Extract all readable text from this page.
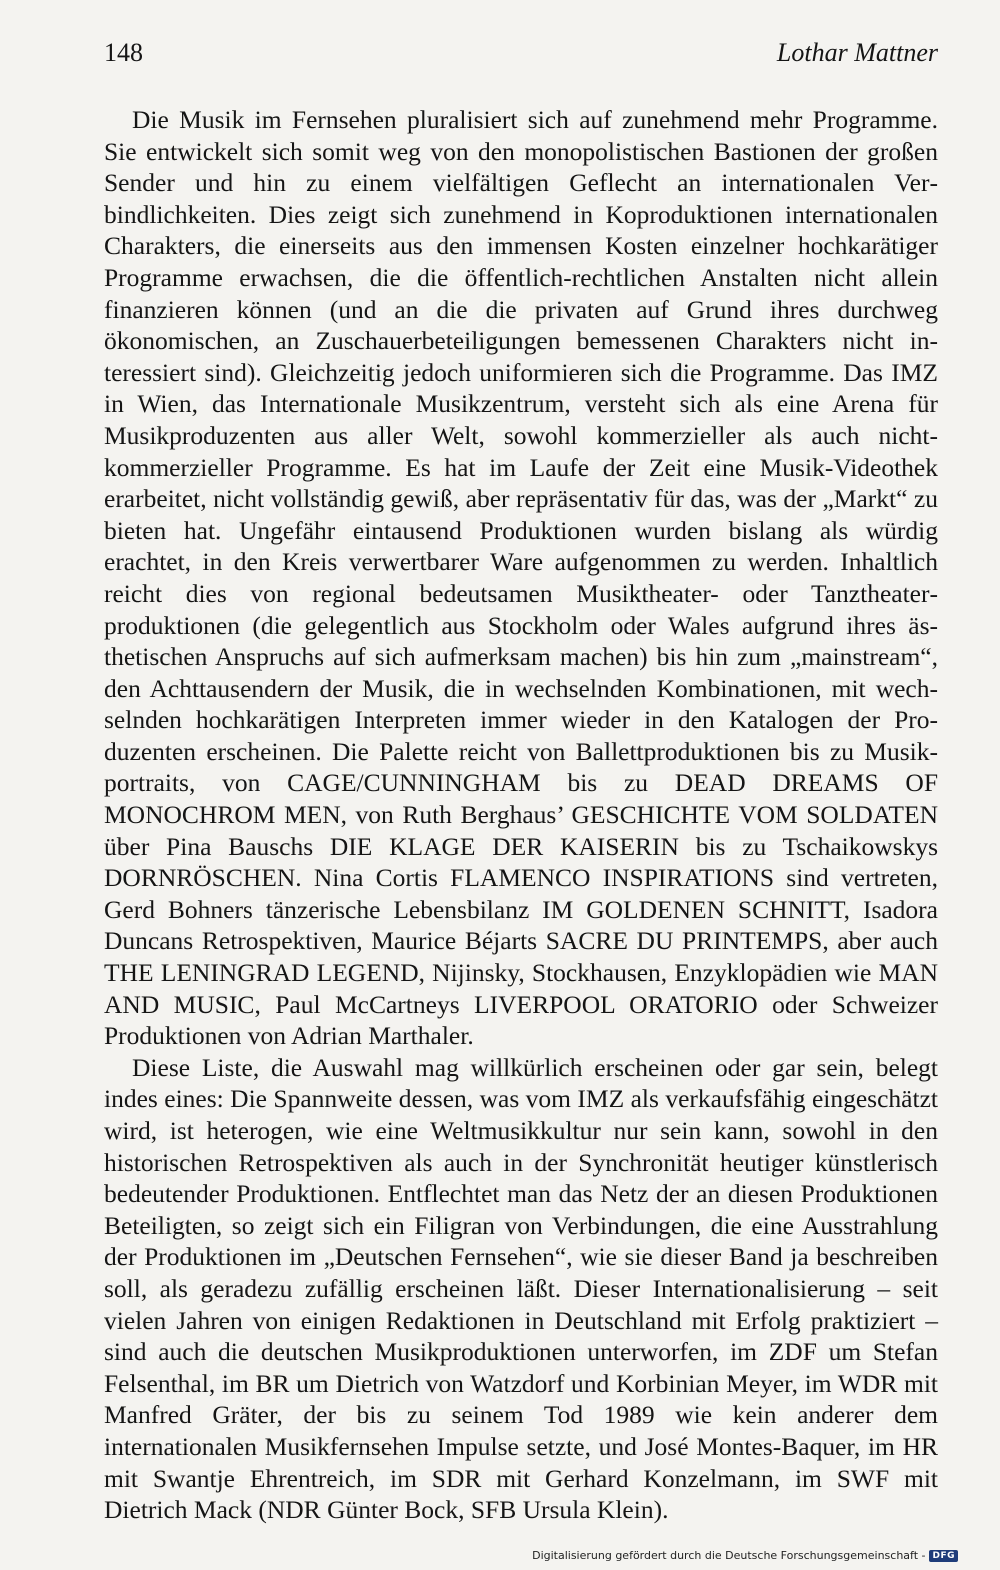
148	Lothar Mattner

Die Musik im Fernsehen pluralisiert sich auf zunehmend mehr Programme. Sie entwickelt sich somit weg von den monopolistischen Bastionen der großen Sender und hin zu einem vielfältigen Geflecht an internationalen Verbindlichkeiten. Dies zeigt sich zunehmend in Koproduktionen internationalen Charakters, die einerseits aus den immensen Kosten einzelner hochkarätiger Programme erwachsen, die die öffentlich-rechtlichen Anstalten nicht allein finanzieren können (und an die die privaten auf Grund ihres durchweg ökonomischen, an Zuschauerbeteiligungen bemessenen Charakters nicht interessiert sind). Gleichzeitig jedoch uniformieren sich die Programme. Das IMZ in Wien, das Internationale Musikzentrum, versteht sich als eine Arena für Musikproduzenten aus aller Welt, sowohl kommerzieller als auch nichtkommerzieller Programme. Es hat im Laufe der Zeit eine Musik-Videothek erarbeitet, nicht vollständig gewiß, aber repräsentativ für das, was der „Markt“ zu bieten hat. Ungefähr eintausend Produktionen wurden bislang als würdig erachtet, in den Kreis verwertbarer Ware aufgenommen zu werden. Inhaltlich reicht dies von regional bedeutsamen Musiktheater- oder Tanztheaterproduktionen (die gelegentlich aus Stockholm oder Wales aufgrund ihres ästhetischen Anspruchs auf sich aufmerksam machen) bis hin zum „mainstream“, den Achttausendern der Musik, die in wechselnden Kombinationen, mit wechselnden hochkarätigen Interpreten immer wieder in den Katalogen der Produzenten erscheinen. Die Palette reicht von Ballettproduktionen bis zu Musikportraits, von CAGE/CUNNINGHAM bis zu DEAD DREAMS OF MONOCHROM MEN, von Ruth Berghaus’ GESCHICHTE VOM SOLDATEN über Pina Bauschs DIE KLAGE DER KAISERIN bis zu Tschaikowskys DORNRÖSCHEN. Nina Cortis FLAMENCO INSPIRATIONS sind vertreten, Gerd Bohners tänzerische Lebensbilanz IM GOLDENEN SCHNITT, Isadora Duncans Retrospektiven, Maurice Béjarts SACRE DU PRINTEMPS, aber auch THE LENINGRAD LEGEND, Nijinsky, Stockhausen, Enzyklopädien wie MAN AND MUSIC, Paul McCartneys LIVERPOOL ORATORIO oder Schweizer Produktionen von Adrian Marthaler.

Diese Liste, die Auswahl mag willkürlich erscheinen oder gar sein, belegt indes eines: Die Spannweite dessen, was vom IMZ als verkaufsfähig eingeschätzt wird, ist heterogen, wie eine Weltmusikkultur nur sein kann, sowohl in den historischen Retrospektiven als auch in der Synchronität heutiger künstlerisch bedeutender Produktionen. Entflechtet man das Netz der an diesen Produktionen Beteiligten, so zeigt sich ein Filigran von Verbindungen, die eine Ausstrahlung der Produktionen im „Deutschen Fernsehen“, wie sie dieser Band ja beschreiben soll, als geradezu zufällig erscheinen läßt. Dieser Internationalisierung – seit vielen Jahren von einigen Redaktionen in Deutschland mit Erfolg praktiziert – sind auch die deutschen Musikproduktionen unterworfen, im ZDF um Stefan Felsenthal, im BR um Dietrich von Watzdorf und Korbinian Meyer, im WDR mit Manfred Gräter, der bis zu seinem Tod 1989 wie kein anderer dem internationalen Musikfernsehen Impulse setzte, und José Montes-Baquer, im HR mit Swantje Ehrentreich, im SDR mit Gerhard Konzelmann, im SWF mit Dietrich Mack (NDR Günter Bock, SFB Ursula Klein).

Digitalisierung gefördert durch die Deutsche Forschungsgemeinschaft - DFG
